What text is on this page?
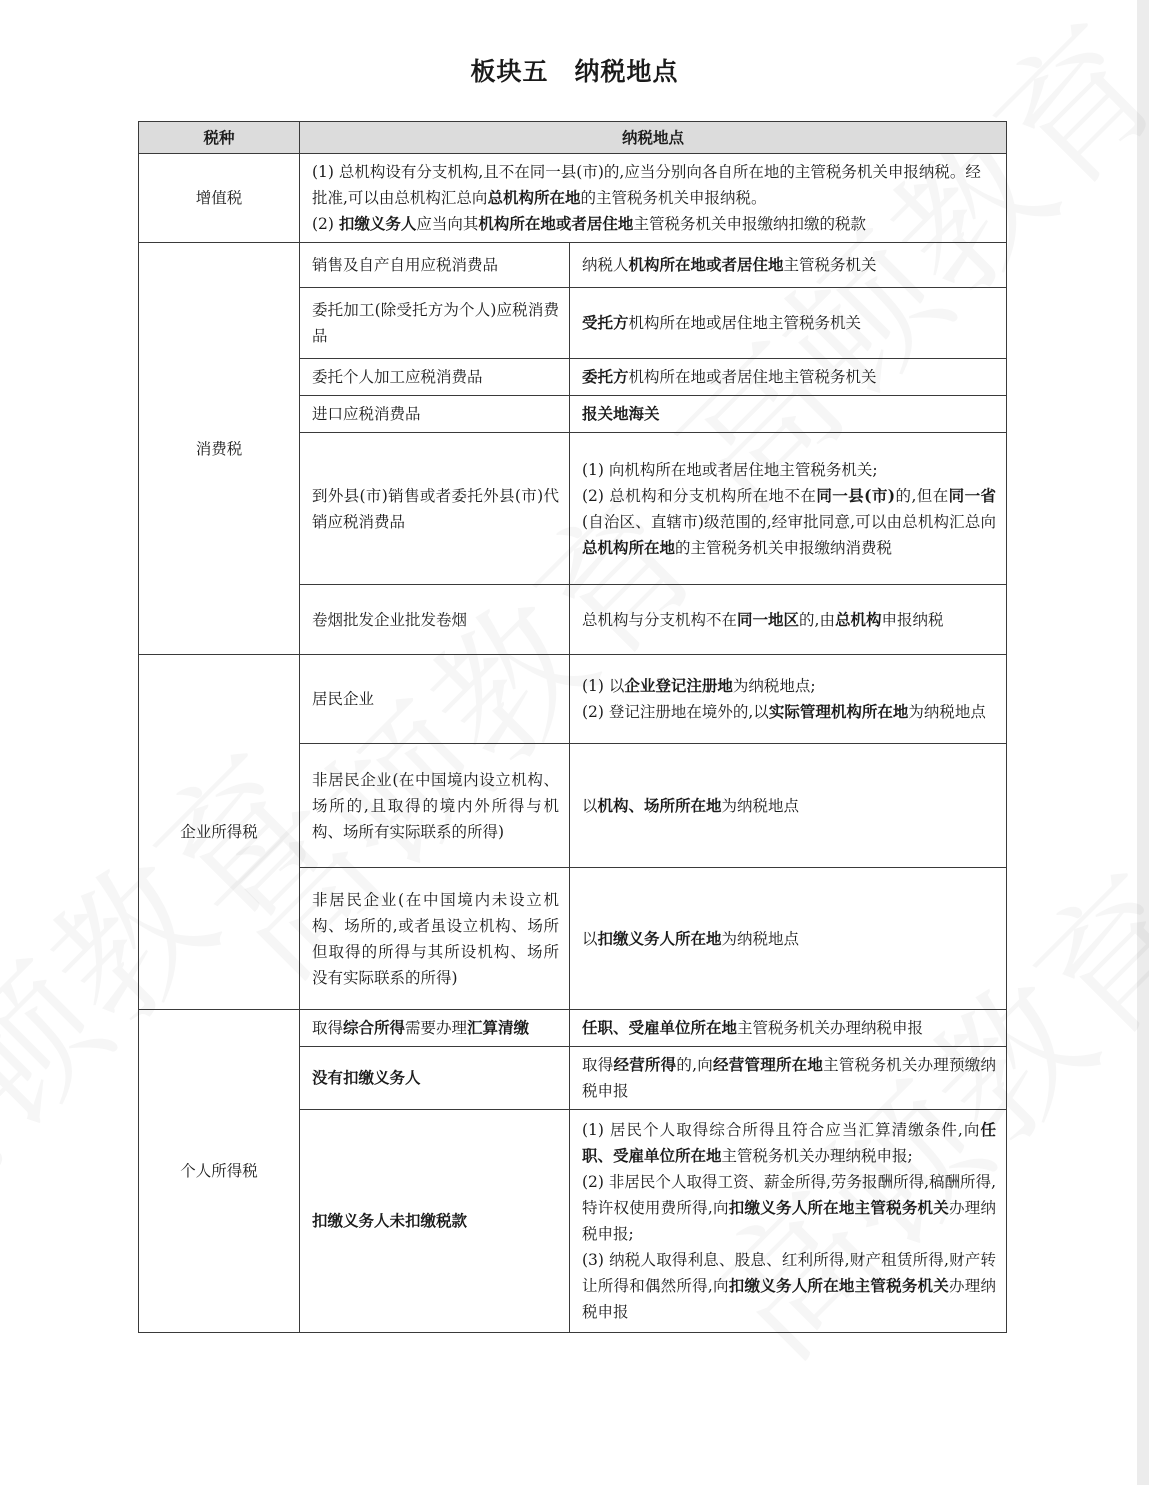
板块五 纳税地点
税种	纳税地点	
增值税	(1) 总机构设有分支机构,且不在同一县(市)的,应当分别向各自所在地的主管税务机关申报纳税。经批准,可以由总机构汇总向总机构所在地的主管税务机关申报纳税。

(2) 扣缴义务人应当向其机构所在地或者居住地主管税务机关申报缴纳扣缴的税款	

消费税	销售及自产自用应税消费品	纳税人机构所在地或者居住地主管税务机关

	委托加工(除受托方为个人)应税消费品	受托方机构所在地或居住地主管税务机关

	委托个人加工应税消费品	委托方机构所在地或者居住地主管税务机关

	进口应税消费品	报关地海关

	到外县(市)销售或者委托外县(市)代销应税消费品	(1) 向机构所在地或者居住地主管税务机关;

(2) 总机构和分支机构所在地不在同一县(市)的,但在同一省(自治区、直辖市)级范围的,经审批同意,可以由总机构汇总向总机构所在地的主管税务机关申报缴纳消费税

	卷烟批发企业批发卷烟	总机构与分支机构不在同一地区的,由总机构申报纳税

企业所得税	居民企业	(1) 以企业登记注册地为纳税地点;

(2) 登记注册地在境外的,以实际管理机构所在地为纳税地点

	非居民企业(在中国境内设立机构、场所的,且取得的境内外所得与机构、场所有实际联系的所得)	以机构、场所所在地为纳税地点

	非居民企业(在中国境内未设立机构、场所的,或者虽设立机构、场所但取得的所得与其所设机构、场所没有实际联系的所得)	以扣缴义务人所在地为纳税地点

个人所得税	取得综合所得需要办理汇算清缴	任职、受雇单位所在地主管税务机关办理纳税申报

	没有扣缴义务人	取得经营所得的,向经营管理所在地主管税务机关办理预缴纳税申报

	扣缴义务人未扣缴税款	(1) 居民个人取得综合所得且符合应当汇算清缴条件,向任职、受雇单位所在地主管税务机关办理纳税申报;

(2) 非居民个人取得工资、薪金所得,劳务报酬所得,稿酬所得,特许权使用费所得,向扣缴义务人所在地主管税务机关办理纳税申报;

(3) 纳税人取得利息、股息、红利所得,财产租赁所得,财产转让所得和偶然所得,向扣缴义务人所在地主管税务机关办理纳税申报
